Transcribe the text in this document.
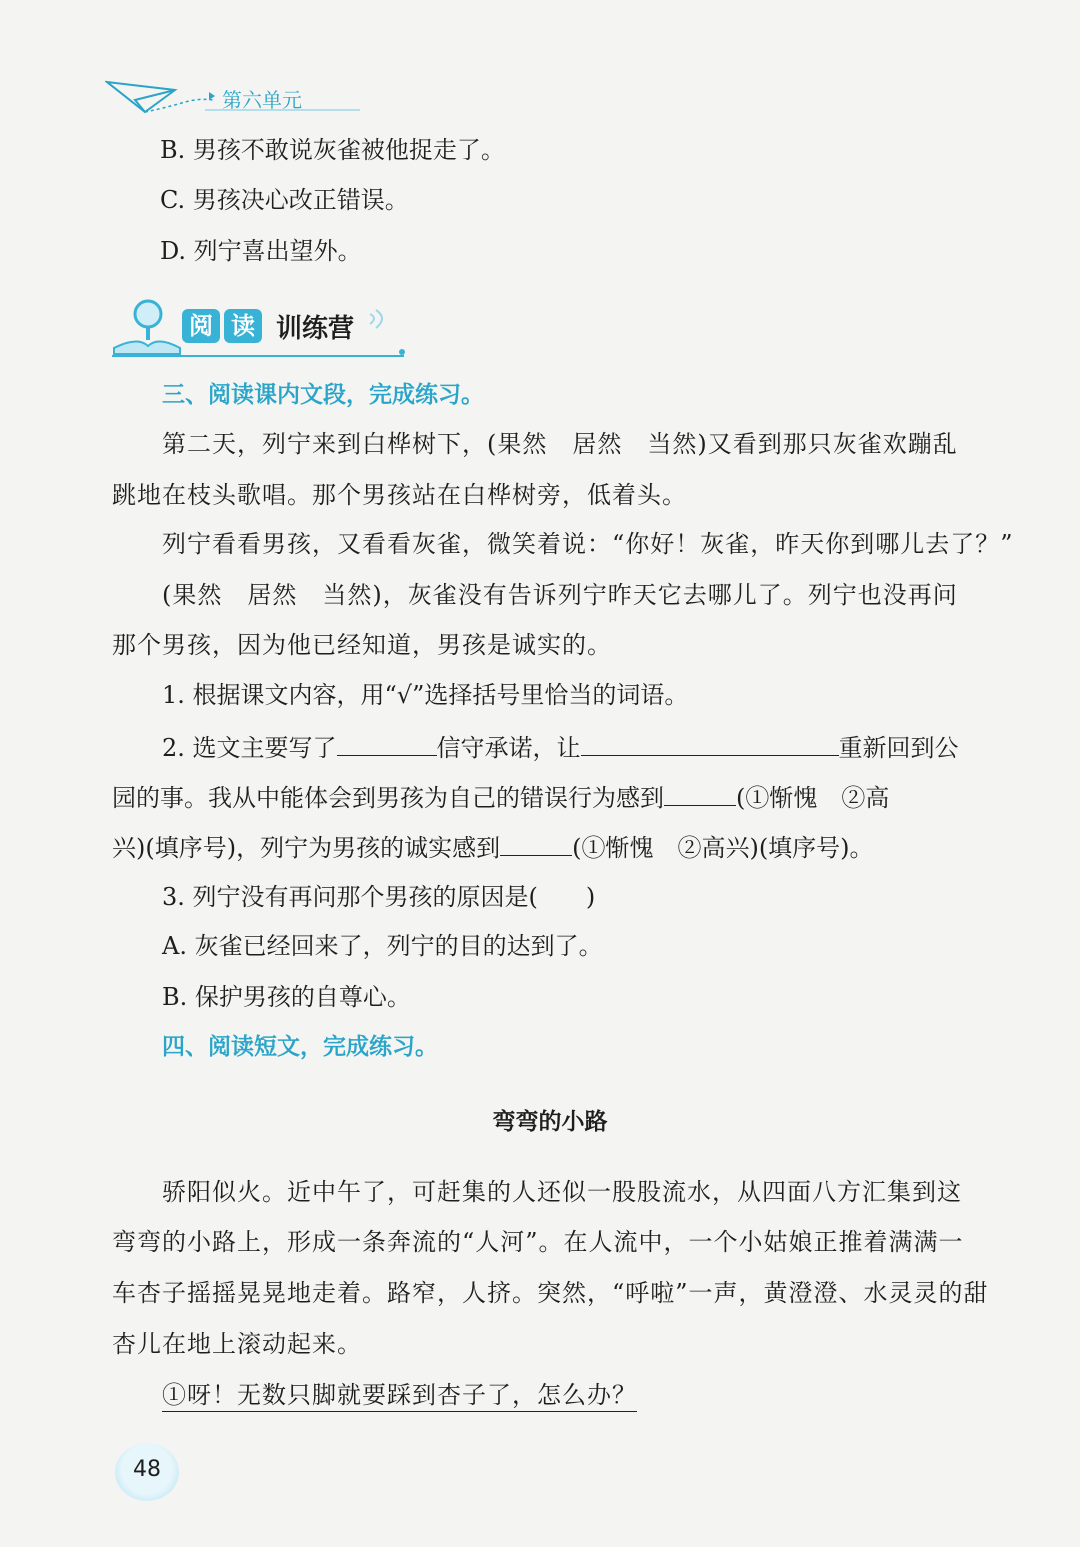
第六单元
B. 男孩不敢说灰雀被他捉走了。
C. 男孩决心改正错误。
D. 列宁喜出望外。
阅 读 训练营
三、阅读课内文段，完成练习。
第二天，列宁来到白桦树下，(果然　居然　当然)又看到那只灰雀欢蹦乱
跳地在枝头歌唱。那个男孩站在白桦树旁，低着头。
列宁看看男孩，又看看灰雀，微笑着说：“你好！灰雀，昨天你到哪儿去了？”
(果然　居然　当然)，灰雀没有告诉列宁昨天它去哪儿了。列宁也没再问
那个男孩，因为他已经知道，男孩是诚实的。
1. 根据课文内容，用“√”选择括号里恰当的词语。
2. 选文主要写了	信守承诺，让	重新回到公
园的事。我从中能体会到男孩为自己的错误行为感到	(①惭愧　②高
兴)(填序号)，列宁为男孩的诚实感到	(①惭愧　②高兴)(填序号)。
3. 列宁没有再问那个男孩的原因是(　　)
A. 灰雀已经回来了，列宁的目的达到了。
B. 保护男孩的自尊心。
四、阅读短文，完成练习。
弯弯的小路
骄阳似火。近中午了，可赶集的人还似一股股流水，从四面八方汇集到这
弯弯的小路上，形成一条奔流的“人河”。在人流中，一个小姑娘正推着满满一
车杏子摇摇晃晃地走着。路窄，人挤。突然，“呼啦”一声，黄澄澄、水灵灵的甜
杏儿在地上滚动起来。
①呀！无数只脚就要踩到杏子了，怎么办？
48
